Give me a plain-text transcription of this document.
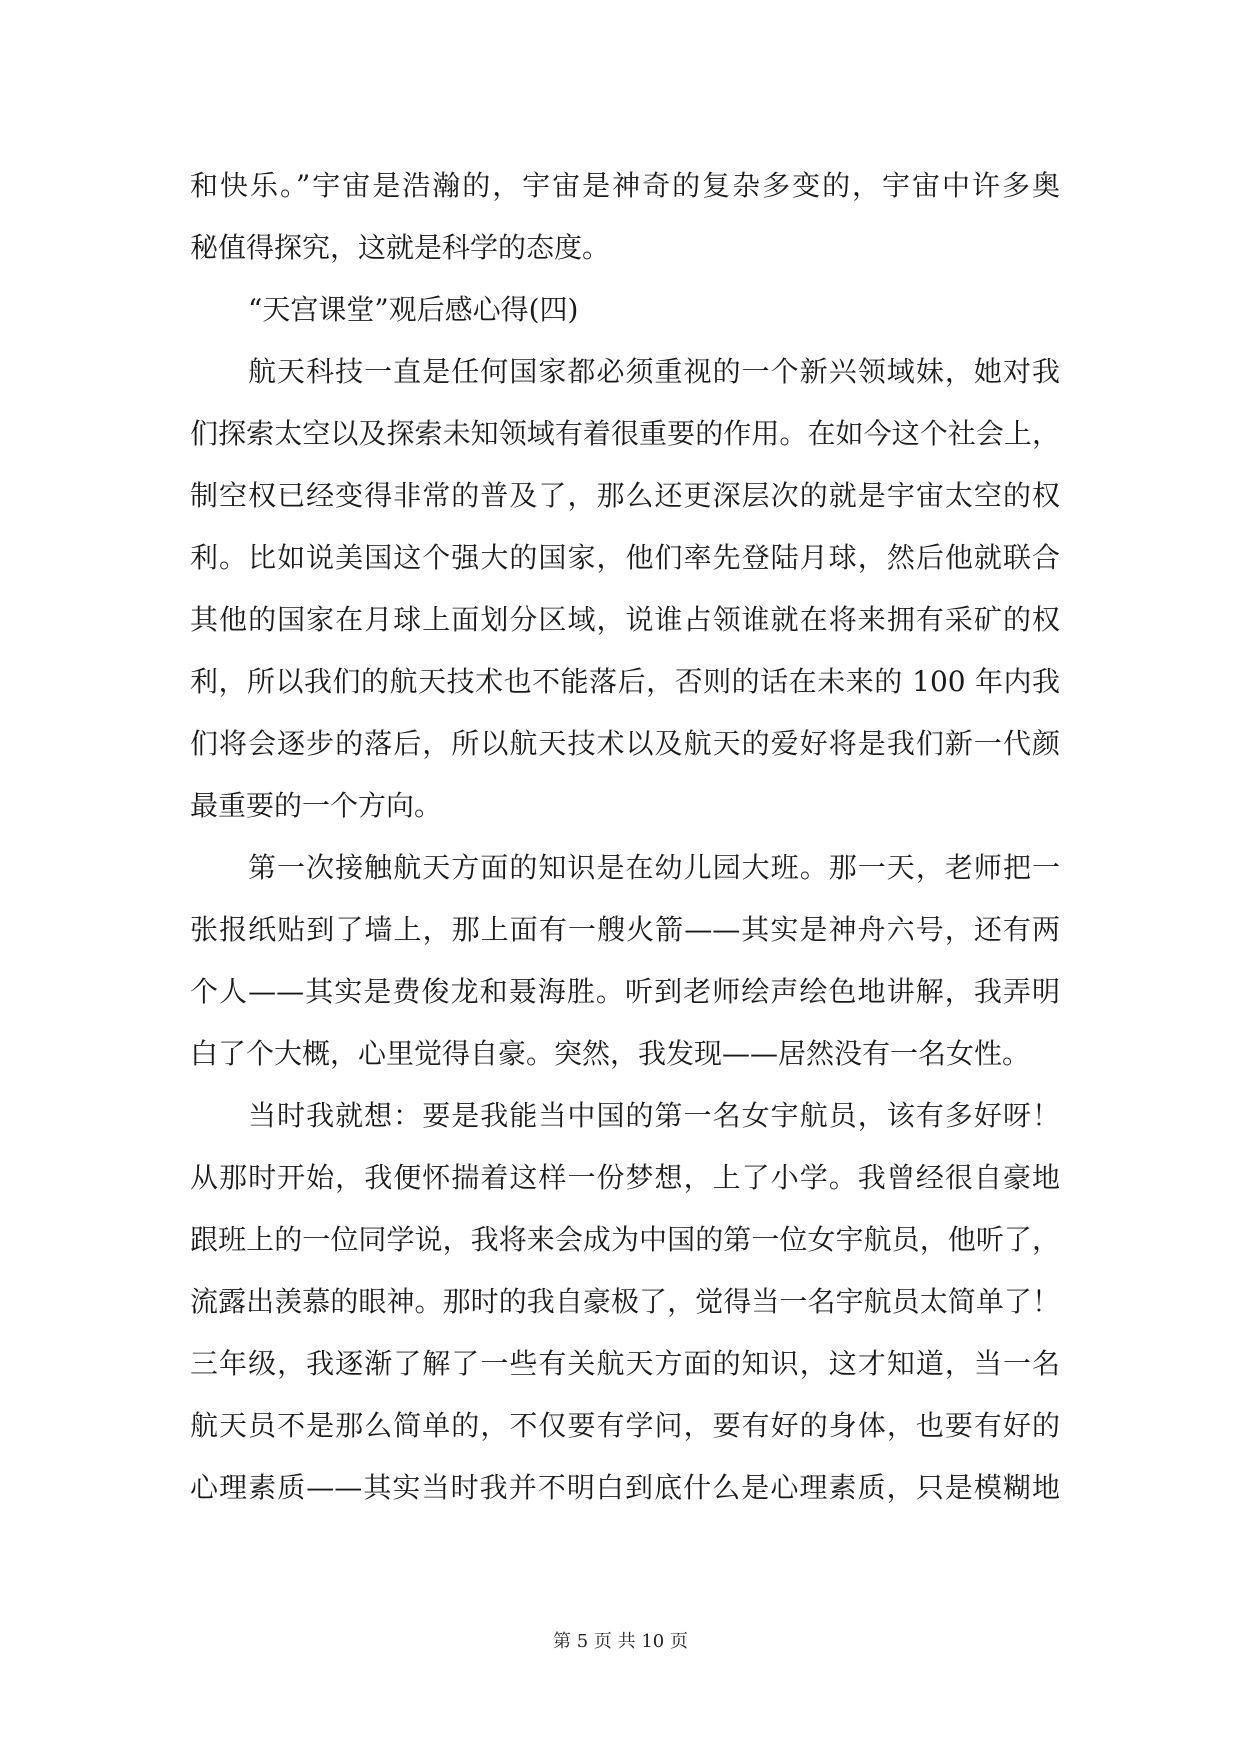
和快乐。”宇宙是浩瀚的，宇宙是神奇的复杂多变的，宇宙中许多奥
秘值得探究，这就是科学的态度。
“天宫课堂”观后感心得(四)
航天科技一直是任何国家都必须重视的一个新兴领域妹，她对我
们探索太空以及探索未知领域有着很重要的作用。在如今这个社会上，
制空权已经变得非常的普及了，那么还更深层次的就是宇宙太空的权
利。比如说美国这个强大的国家，他们率先登陆月球，然后他就联合
其他的国家在月球上面划分区域，说谁占领谁就在将来拥有采矿的权
利，所以我们的航天技术也不能落后，否则的话在未来的 100 年内我
们将会逐步的落后，所以航天技术以及航天的爱好将是我们新一代颜
最重要的一个方向。
第一次接触航天方面的知识是在幼儿园大班。那一天，老师把一
张报纸贴到了墙上，那上面有一艘火箭——其实是神舟六号，还有两
个人——其实是费俊龙和聂海胜。听到老师绘声绘色地讲解，我弄明
白了个大概，心里觉得自豪。突然，我发现——居然没有一名女性。
当时我就想：要是我能当中国的第一名女宇航员，该有多好呀！
从那时开始，我便怀揣着这样一份梦想，上了小学。我曾经很自豪地
跟班上的一位同学说，我将来会成为中国的第一位女宇航员，他听了，
流露出羡慕的眼神。那时的我自豪极了，觉得当一名宇航员太简单了！
三年级，我逐渐了解了一些有关航天方面的知识，这才知道，当一名
航天员不是那么简单的，不仅要有学问，要有好的身体，也要有好的
心理素质——其实当时我并不明白到底什么是心理素质，只是模糊地
第 5 页 共 10 页
